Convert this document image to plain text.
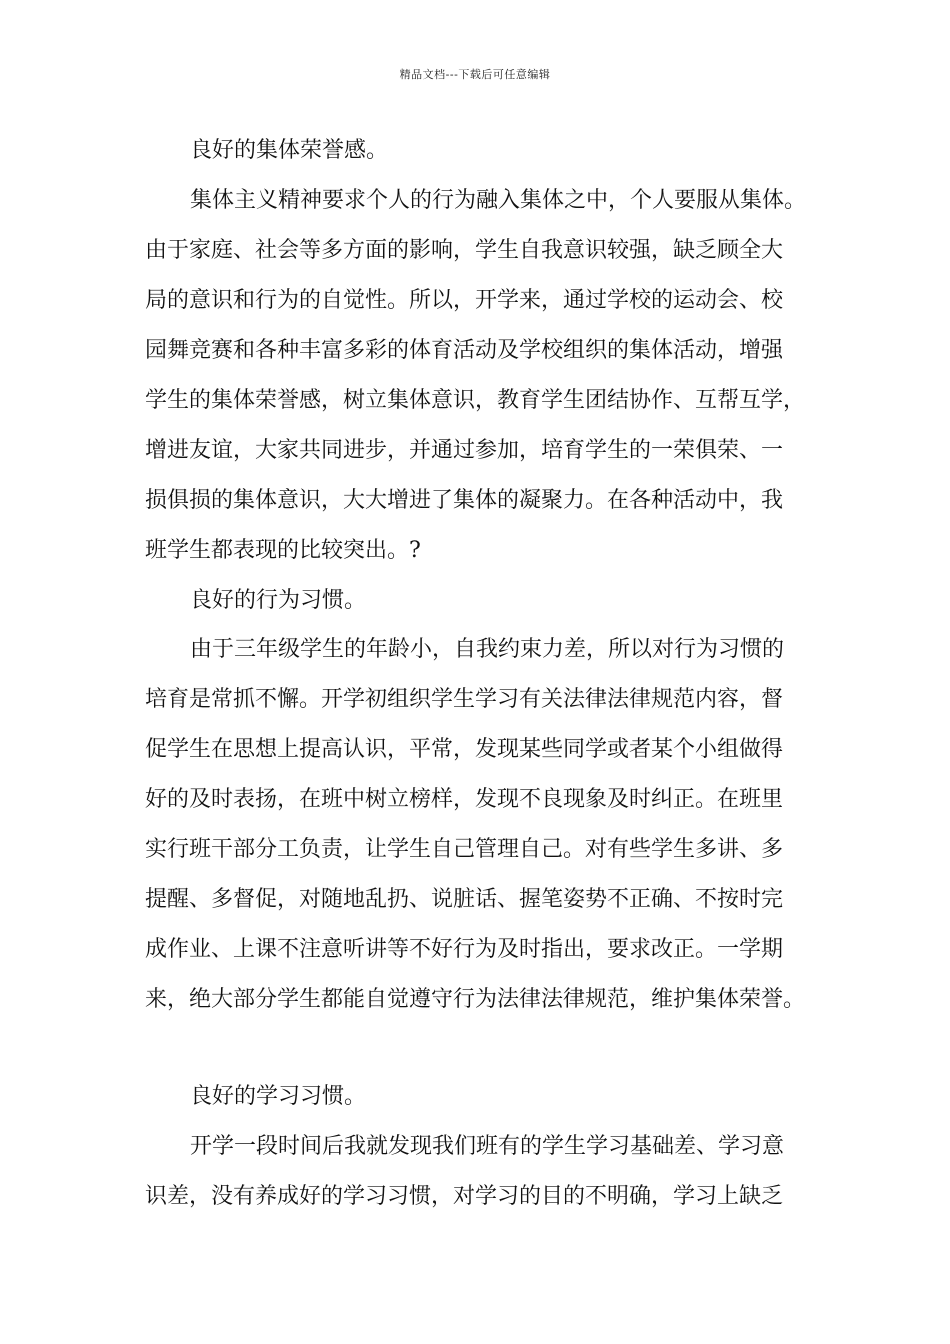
精品文档---下载后可任意编辑
良好的集体荣誉感。
集体主义精神要求个人的行为融入集体之中，个人要服从集体。
由于家庭、社会等多方面的影响，学生自我意识较强，缺乏顾全大
局的意识和行为的自觉性。所以，开学来，通过学校的运动会、校
园舞竞赛和各种丰富多彩的体育活动及学校组织的集体活动，增强
学生的集体荣誉感，树立集体意识，教育学生团结协作、互帮互学，
增进友谊，大家共同进步，并通过参加，培育学生的一荣俱荣、一
损俱损的集体意识，大大增进了集体的凝聚力。在各种活动中，我
班学生都表现的比较突出。?
良好的行为习惯。
由于三年级学生的年龄小，自我约束力差，所以对行为习惯的
培育是常抓不懈。开学初组织学生学习有关法律法律规范内容，督
促学生在思想上提高认识，平常，发现某些同学或者某个小组做得
好的及时表扬，在班中树立榜样，发现不良现象及时纠正。在班里
实行班干部分工负责，让学生自己管理自己。对有些学生多讲、多
提醒、多督促，对随地乱扔、说脏话、握笔姿势不正确、不按时完
成作业、上课不注意听讲等不好行为及时指出，要求改正。一学期
来，绝大部分学生都能自觉遵守行为法律法律规范，维护集体荣誉。
良好的学习习惯。
开学一段时间后我就发现我们班有的学生学习基础差、学习意
识差，没有养成好的学习习惯，对学习的目的不明确，学习上缺乏
